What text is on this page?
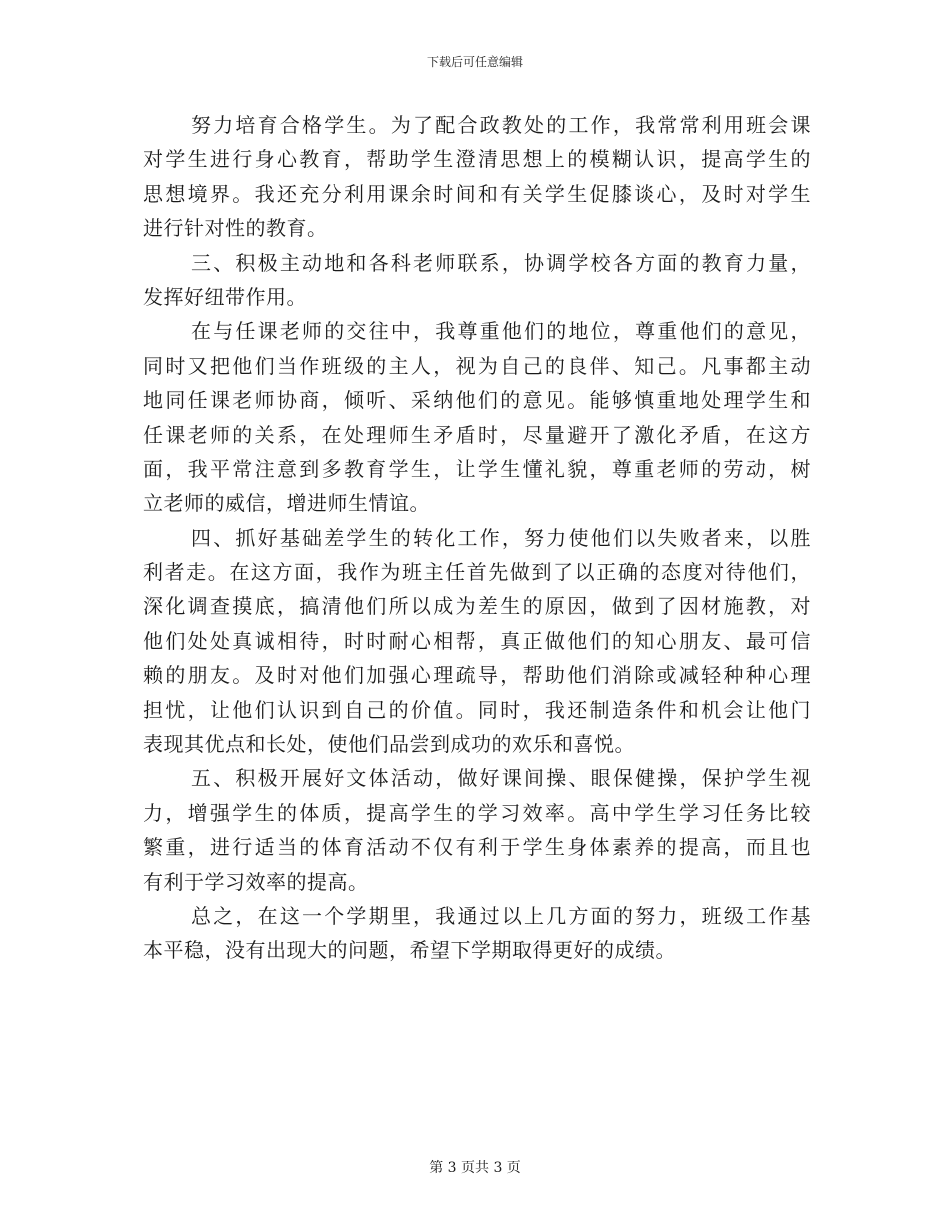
下载后可任意编辑
努力培育合格学生。为了配合政教处的工作，我常常利用班会课
对学生进行身心教育，帮助学生澄清思想上的模糊认识，提高学生的
思想境界。我还充分利用课余时间和有关学生促膝谈心，及时对学生
进行针对性的教育。
三、积极主动地和各科老师联系，协调学校各方面的教育力量，
发挥好纽带作用。
在与任课老师的交往中，我尊重他们的地位，尊重他们的意见，
同时又把他们当作班级的主人，视为自己的良伴、知己。凡事都主动
地同任课老师协商，倾听、采纳他们的意见。能够慎重地处理学生和
任课老师的关系，在处理师生矛盾时，尽量避开了激化矛盾，在这方
面，我平常注意到多教育学生，让学生懂礼貌，尊重老师的劳动，树
立老师的威信，增进师生情谊。
四、抓好基础差学生的转化工作，努力使他们以失败者来，以胜
利者走。在这方面，我作为班主任首先做到了以正确的态度对待他们，
深化调查摸底，搞清他们所以成为差生的原因，做到了因材施教，对
他们处处真诚相待，时时耐心相帮，真正做他们的知心朋友、最可信
赖的朋友。及时对他们加强心理疏导，帮助他们消除或减轻种种心理
担忧，让他们认识到自己的价值。同时，我还制造条件和机会让他门
表现其优点和长处，使他们品尝到成功的欢乐和喜悦。
五、积极开展好文体活动，做好课间操、眼保健操，保护学生视
力，增强学生的体质，提高学生的学习效率。高中学生学习任务比较
繁重，进行适当的体育活动不仅有利于学生身体素养的提高，而且也
有利于学习效率的提高。
总之，在这一个学期里，我通过以上几方面的努力，班级工作基
本平稳，没有出现大的问题，希望下学期取得更好的成绩。
第 3 页共 3 页
